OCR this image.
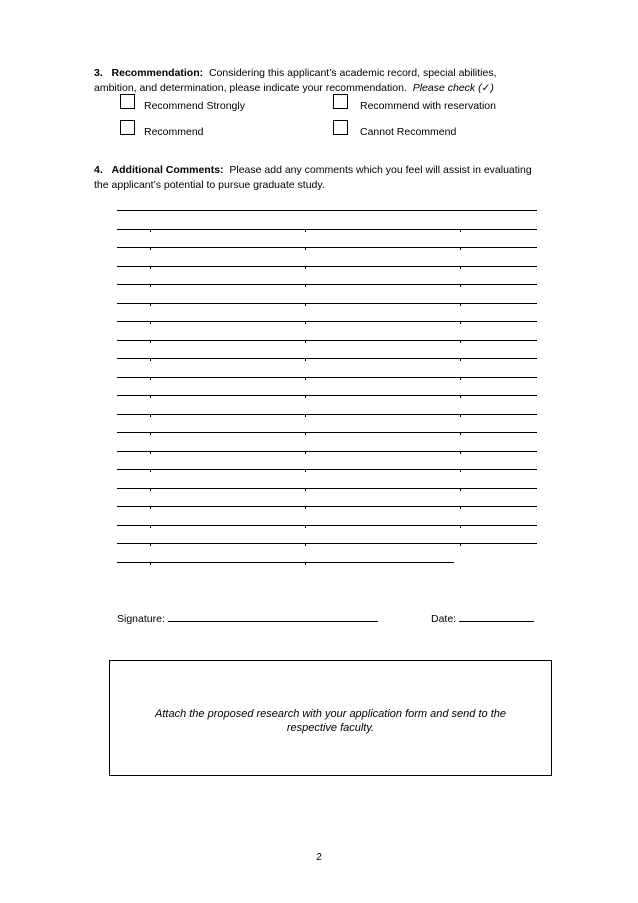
3. Recommendation: Considering this applicant’s academic record, special abilities, ambition, and determination, please indicate your recommendation. Please check (✓)
Recommend Strongly	Recommend with reservation
Recommend	Cannot Recommend
4. Additional Comments: Please add any comments which you feel will assist in evaluating the applicant’s potential to pursue graduate study.
Signature:	Date:
Attach the proposed research with your application form and send to the respective faculty.
2
